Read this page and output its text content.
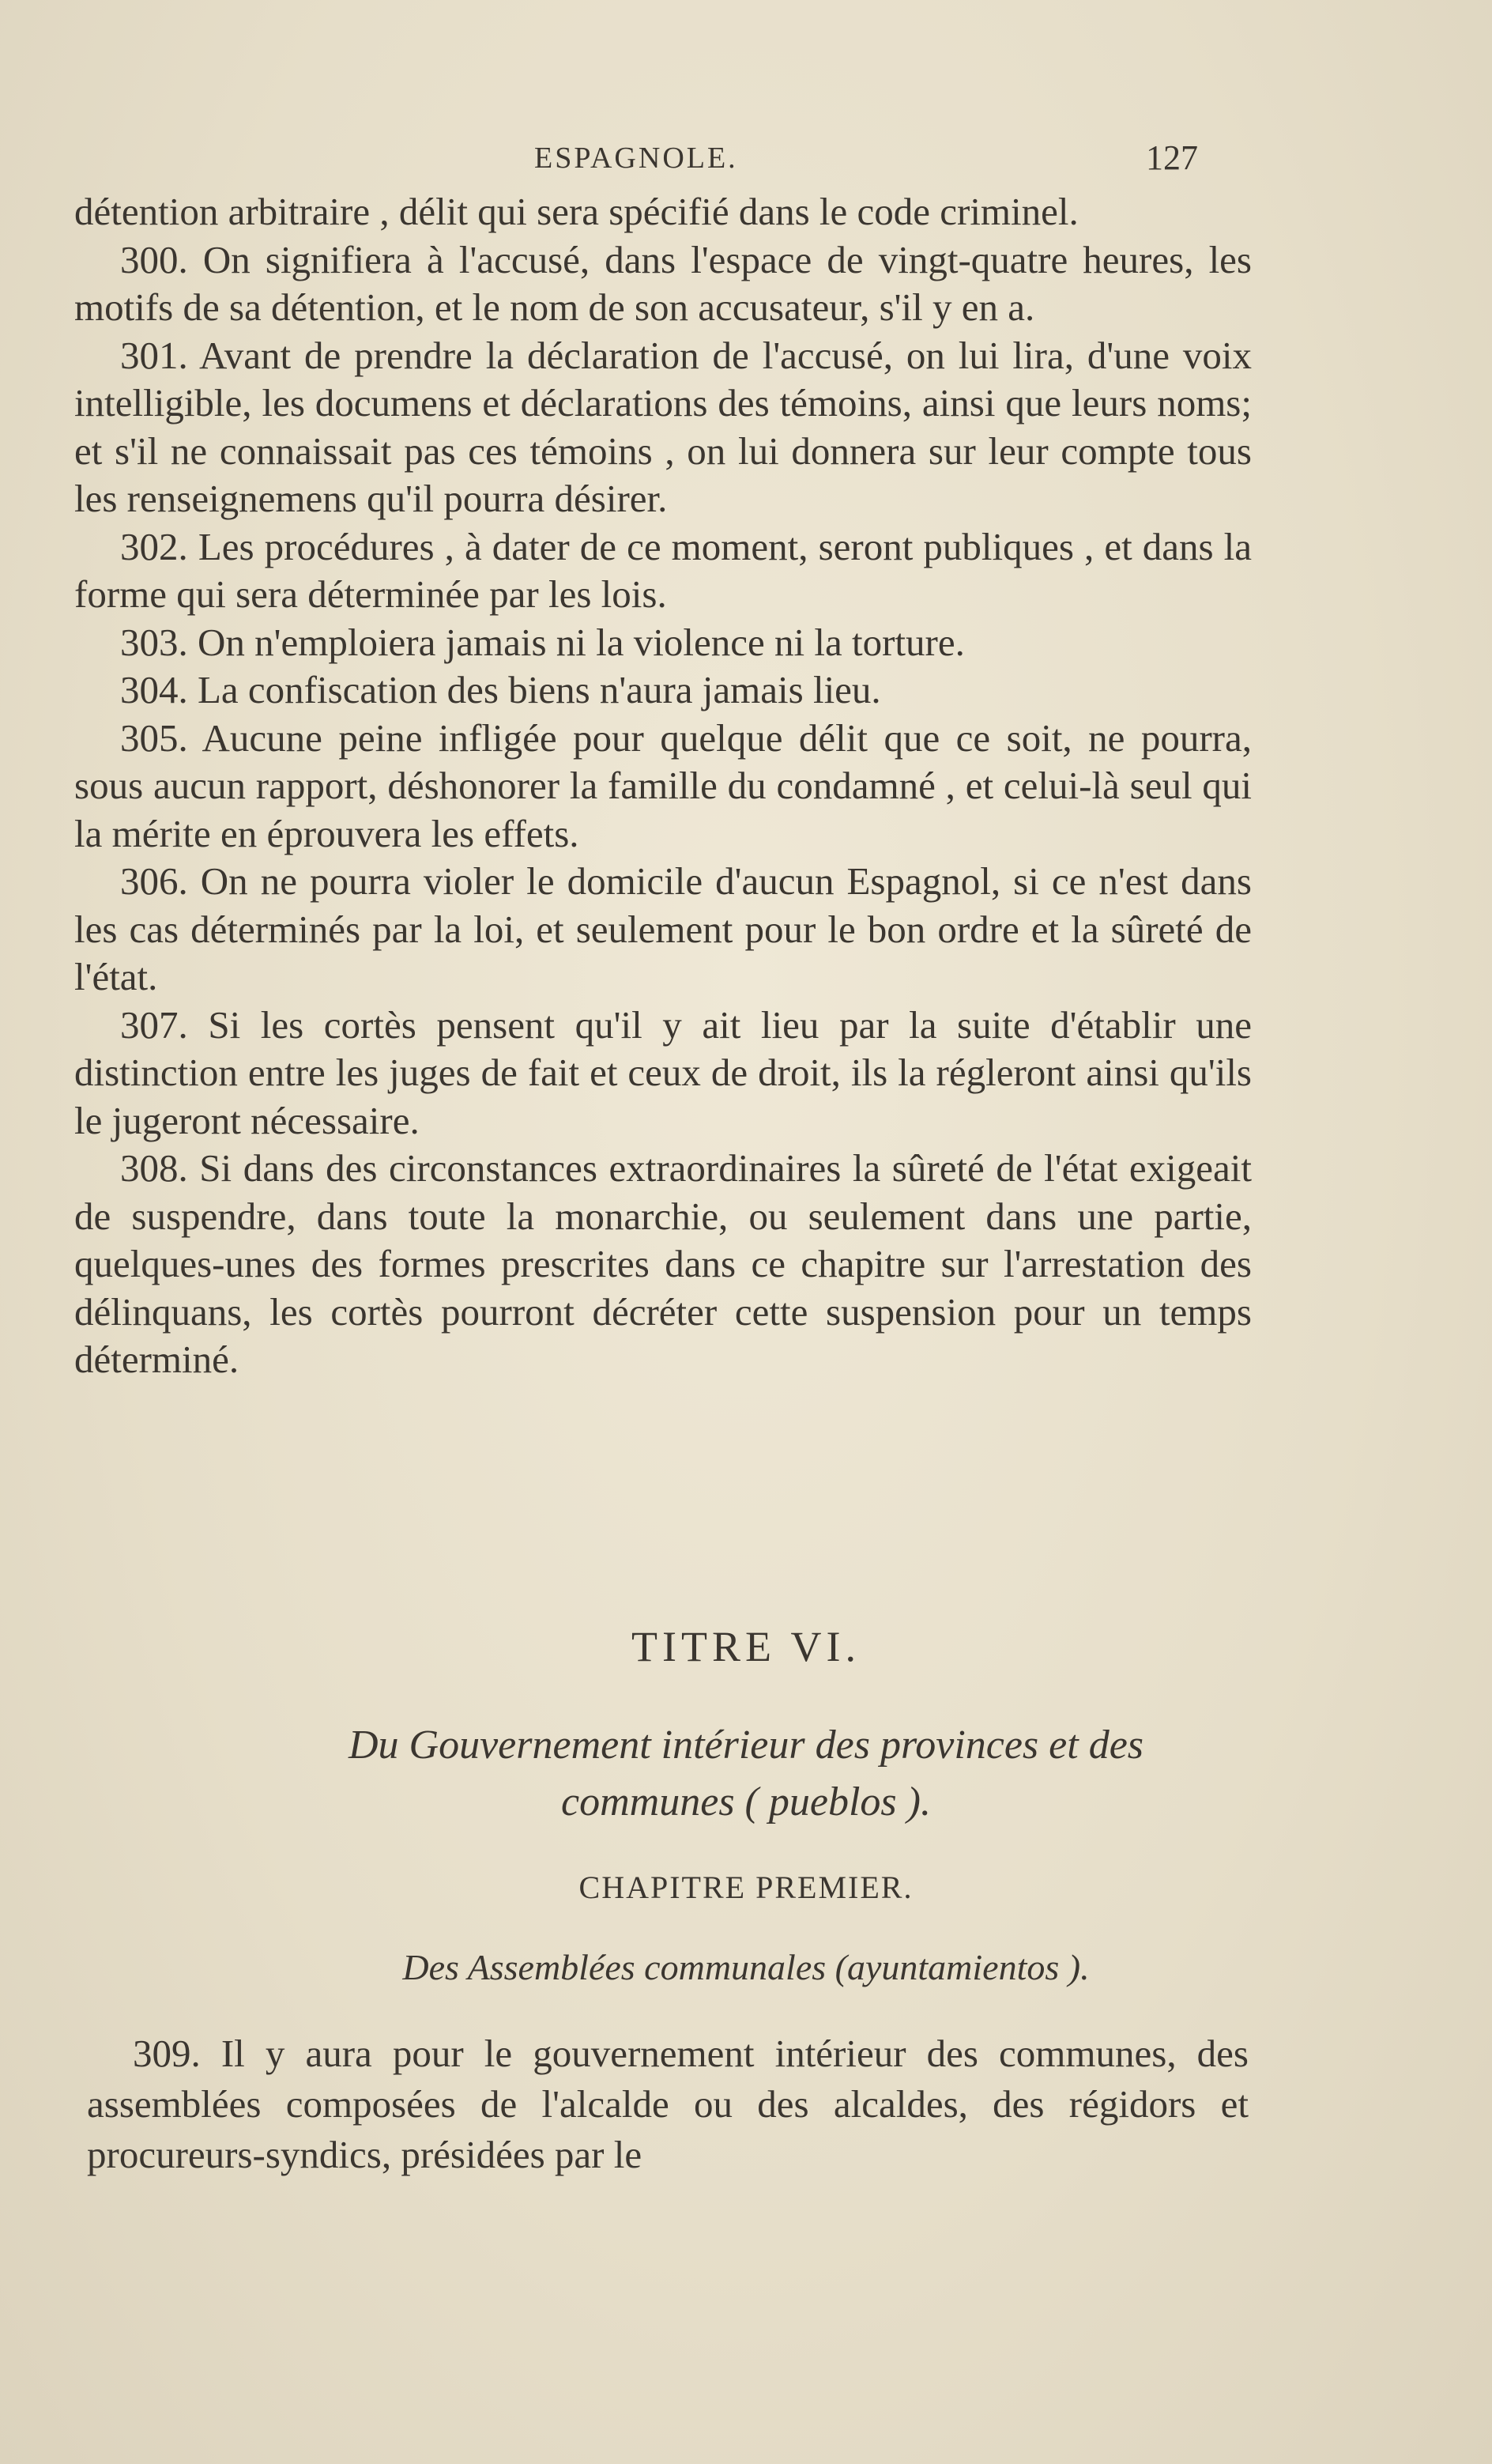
ESPAGNOLE.	127

détention arbitraire , délit qui sera spécifié dans le code criminel.

300. On signifiera à l'accusé, dans l'espace de vingt-quatre heures, les motifs de sa détention, et le nom de son accusateur, s'il y en a.

301. Avant de prendre la déclaration de l'accusé, on lui lira, d'une voix intelligible, les documens et déclarations des témoins, ainsi que leurs noms; et s'il ne connaissait pas ces témoins , on lui donnera sur leur compte tous les renseignemens qu'il pourra désirer.

302. Les procédures , à dater de ce moment, seront publiques , et dans la forme qui sera déterminée par les lois.

303. On n'emploiera jamais ni la violence ni la torture.

304. La confiscation des biens n'aura jamais lieu.

305. Aucune peine infligée pour quelque délit que ce soit, ne pourra, sous aucun rapport, déshonorer la famille du condamné , et celui-là seul qui la mérite en éprouvera les effets.

306. On ne pourra violer le domicile d'aucun Espagnol, si ce n'est dans les cas déterminés par la loi, et seulement pour le bon ordre et la sûreté de l'état.

307. Si les cortès pensent qu'il y ait lieu par la suite d'établir une distinction entre les juges de fait et ceux de droit, ils la régleront ainsi qu'ils le jugeront nécessaire.

308. Si dans des circonstances extraordinaires la sûreté de l'état exigeait de suspendre, dans toute la monarchie, ou seulement dans une partie, quelques-unes des formes prescrites dans ce chapitre sur l'arrestation des délinquans, les cortès pourront décréter cette suspension pour un temps déterminé.

TITRE VI.
Du Gouvernement intérieur des provinces et des
communes ( pueblos ).
CHAPITRE PREMIER.
Des Assemblées communales (ayuntamientos ).

309. Il y aura pour le gouvernement intérieur des communes, des assemblées composées de l'alcalde ou des alcaldes, des régidors et procureurs-syndics, présidées par le
